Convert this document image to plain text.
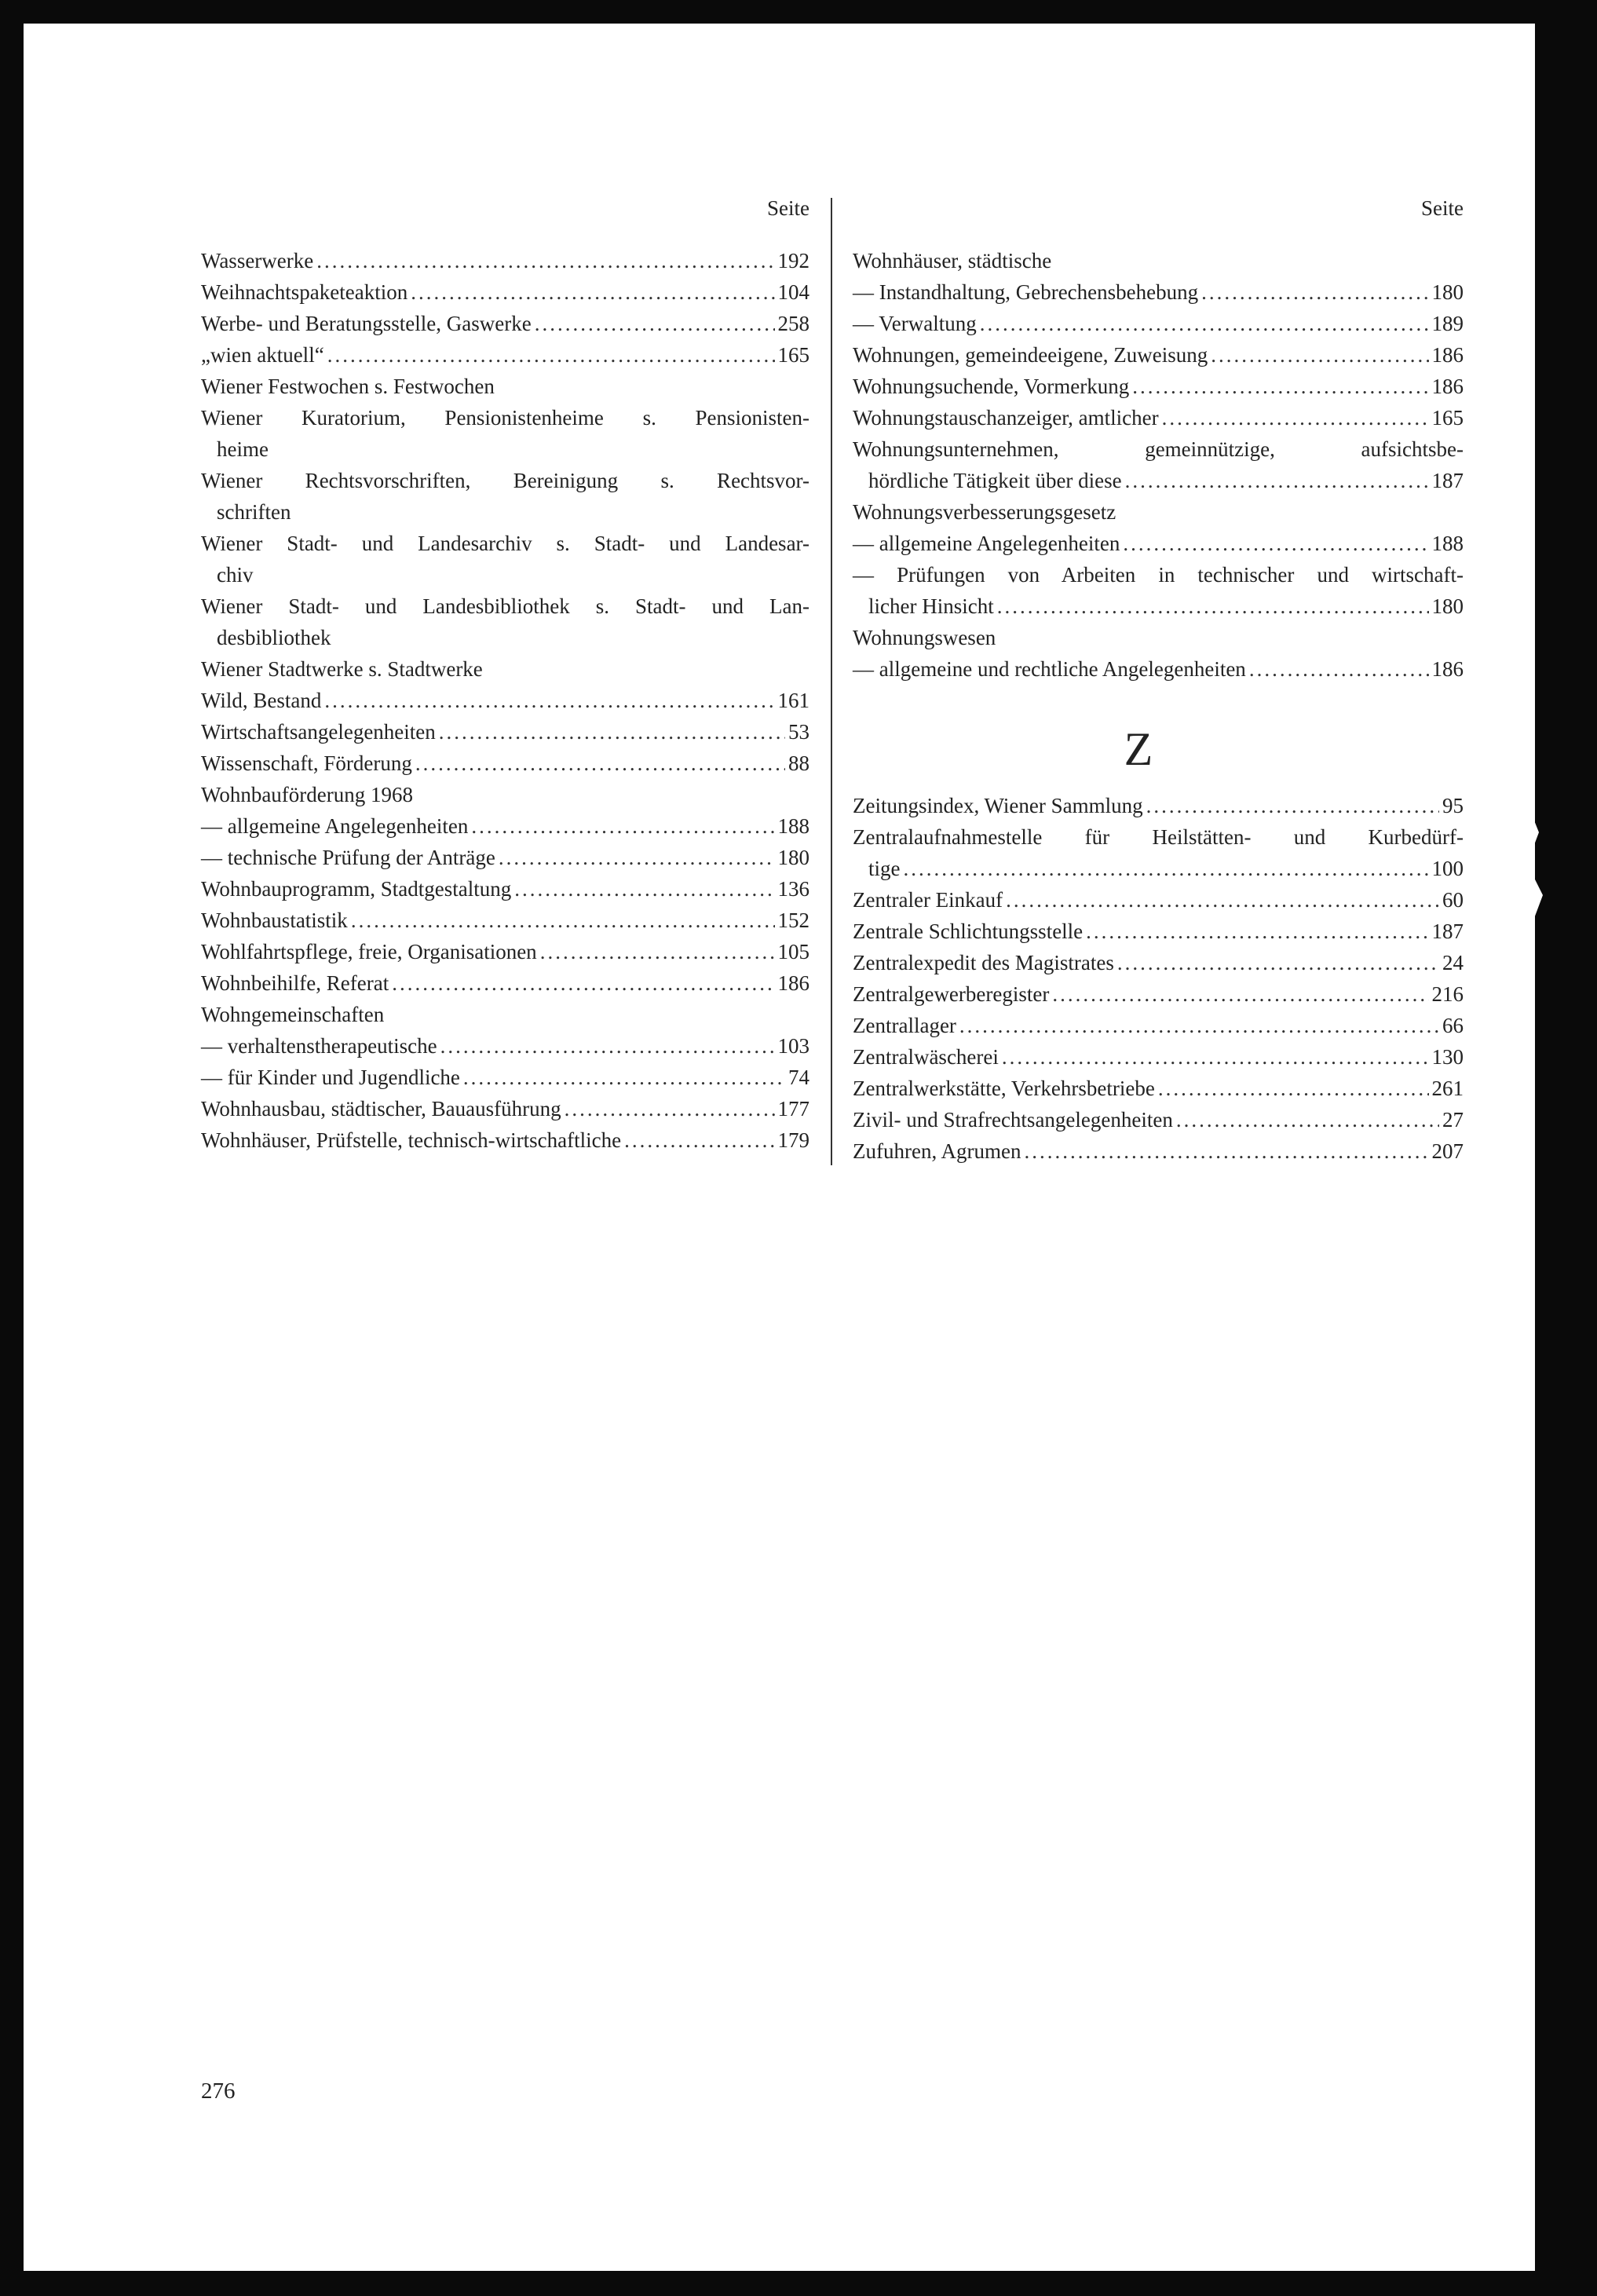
Seite
Wasserwerke .....	192
Weihnachtspaketeaktion .....	104
Werbe- und Beratungsstelle, Gaswerke .....	258
„wien aktuell“ .....	165
Wiener Festwochen s. Festwochen
Wiener Kuratorium, Pensionistenheime s. Pensionisten-
heime
Wiener Rechtsvorschriften, Bereinigung s. Rechtsvor-
schriften
Wiener Stadt- und Landesarchiv s. Stadt- und Landesar-
chiv
Wiener Stadt- und Landesbibliothek s. Stadt- und Lan-
desbibliothek
Wiener Stadtwerke s. Stadtwerke
Wild, Bestand .....	161
Wirtschaftsangelegenheiten .....	53
Wissenschaft, Förderung .....	88
Wohnbauförderung 1968
— allgemeine Angelegenheiten .....	188
— technische Prüfung der Anträge .....	180
Wohnbauprogramm, Stadtgestaltung .....	136
Wohnbaustatistik .....	152
Wohlfahrtspflege, freie, Organisationen .....	105
Wohnbeihilfe, Referat .....	186
Wohngemeinschaften
— verhaltenstherapeutische .....	103
— für Kinder und Jugendliche .....	74
Wohnhausbau, städtischer, Bauausführung .....	177
Wohnhäuser, Prüfstelle, technisch-wirtschaftliche .....	179
Seite
Wohnhäuser, städtische
— Instandhaltung, Gebrechensbehebung .....	180
— Verwaltung .....	189
Wohnungen, gemeindeeigene, Zuweisung .....	186
Wohnungsuchende, Vormerkung .....	186
Wohnungstauschanzeiger, amtlicher .....	165
Wohnungsunternehmen, gemeinnützige, aufsichtsbe-
hördliche Tätigkeit über diese .....	187
Wohnungsverbesserungsgesetz
— allgemeine Angelegenheiten .....	188
— Prüfungen von Arbeiten in technischer und wirtschaft-
licher Hinsicht .....	180
Wohnungswesen
— allgemeine und rechtliche Angelegenheiten .....	186
Z
Zeitungsindex, Wiener Sammlung .....	95
Zentralaufnahmestelle für Heilstätten- und Kurbedürf-
tige .....	100
Zentraler Einkauf .....	60
Zentrale Schlichtungsstelle .....	187
Zentralexpedit des Magistrates .....	24
Zentralgewerberegister .....	216
Zentrallager .....	66
Zentralwäscherei .....	130
Zentralwerkstätte, Verkehrsbetriebe .....	261
Zivil- und Strafrechtsangelegenheiten .....	27
Zufuhren, Agrumen .....	207
276
